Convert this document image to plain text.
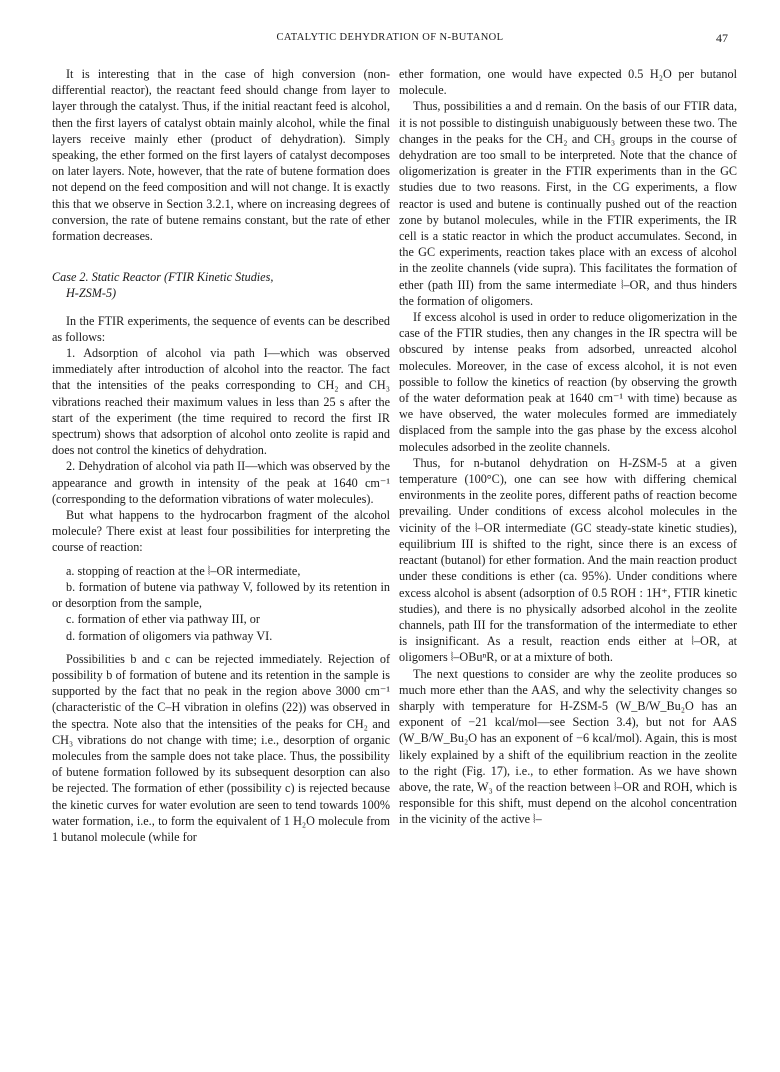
CATALYTIC DEHYDRATION OF N-BUTANOL	47

It is interesting that in the case of high conversion (non-differential reactor), the reactant feed should change from layer to layer through the catalyst. Thus, if the initial reactant feed is alcohol, then the first layers of catalyst obtain mainly alcohol, while the final layers receive mainly ether (product of dehydration). Simply speaking, the ether formed on the first layers of catalyst decomposes on later layers. Note, however, that the rate of butene formation does not depend on the feed composition and will not change. It is exactly this that we observe in Section 3.2.1, where on increasing degrees of conversion, the rate of butene remains constant, but the rate of ether formation decreases.

Case 2. Static Reactor (FTIR Kinetic Studies,
H-ZSM-5)

In the FTIR experiments, the sequence of events can be described as follows:

1. Adsorption of alcohol via path I—which was observed immediately after introduction of alcohol into the reactor. The fact that the intensities of the peaks corresponding to CH₂ and CH₃ vibrations reached their maximum values in less than 25 s after the start of the experiment (the time required to record the first IR spectrum) shows that adsorption of alcohol onto zeolite is rapid and does not control the kinetics of dehydration.

2. Dehydration of alcohol via path II—which was observed by the appearance and growth in intensity of the peak at 1640 cm⁻¹ (corresponding to the deformation vibrations of water molecules).

But what happens to the hydrocarbon fragment of the alcohol molecule? There exist at least four possibilities for interpreting the course of reaction:

a. stopping of reaction at the ⦚–OR intermediate,

b. formation of butene via pathway V, followed by its retention in or desorption from the sample,

c. formation of ether via pathway III, or

d. formation of oligomers via pathway VI.

Possibilities b and c can be rejected immediately. Rejection of possibility b of formation of butene and its retention in the sample is supported by the fact that no peak in the region above 3000 cm⁻¹ (characteristic of the C–H vibration in olefins (22)) was observed in the spectra. Note also that the intensities of the peaks for CH₂ and CH₃ vibrations do not change with time; i.e., desorption of organic molecules from the sample does not take place. Thus, the possibility of butene formation followed by its subsequent desorption can also be rejected. The formation of ether (possibility c) is rejected because the kinetic curves for water evolution are seen to tend towards 100% water formation, i.e., to form the equivalent of 1 H₂O molecule from 1 butanol molecule (while for

ether formation, one would have expected 0.5 H₂O per butanol molecule.

Thus, possibilities a and d remain. On the basis of our FTIR data, it is not possible to distinguish unabiguously between these two. The changes in the peaks for the CH₂ and CH₃ groups in the course of dehydration are too small to be interpreted. Note that the chance of oligomerization is greater in the FTIR experiments than in the GC studies due to two reasons. First, in the CG experiments, a flow reactor is used and butene is continually pushed out of the reaction zone by butanol molecules, while in the FTIR experiments, the IR cell is a static reactor in which the product accumulates. Second, in the GC experiments, reaction takes place with an excess of alcohol in the zeolite channels (vide supra). This facilitates the formation of ether (path III) from the same intermediate ⦚–OR, and thus hinders the formation of oligomers.

If excess alcohol is used in order to reduce oligomerization in the case of the FTIR studies, then any changes in the IR spectra will be obscured by intense peaks from adsorbed, unreacted alcohol molecules. Moreover, in the case of excess alcohol, it is not even possible to follow the kinetics of reaction (by observing the growth of the water deformation peak at 1640 cm⁻¹ with time) because as we have observed, the water molecules formed are immediately displaced from the sample into the gas phase by the excess alcohol molecules adsorbed in the zeolite channels.

Thus, for n-butanol dehydration on H-ZSM-5 at a given temperature (100°C), one can see how with differing chemical environments in the zeolite pores, different paths of reaction become prevailing. Under conditions of excess alcohol molecules in the vicinity of the ⦚–OR intermediate (GC steady-state kinetic studies), equilibrium III is shifted to the right, since there is an excess of reactant (butanol) for ether formation. And the main reaction product under these conditions is ether (ca. 95%). Under conditions where excess alcohol is absent (adsorption of 0.5 ROH : 1H⁺, FTIR kinetic studies), and there is no physically adsorbed alcohol in the zeolite channels, path III for the transformation of the intermediate to ether is insignificant. As a result, reaction ends either at ⦚–OR, at oligomers ⦚–OBuⁿR, or at a mixture of both.

The next questions to consider are why the zeolite produces so much more ether than the AAS, and why the selectivity changes so sharply with temperature for H-ZSM-5 (W_B/W_Bu₂O has an exponent of −21 kcal/mol—see Section 3.4), but not for AAS (W_B/W_Bu₂O has an exponent of −6 kcal/mol). Again, this is most likely explained by a shift of the equilibrium reaction in the zeolite to the right (Fig. 17), i.e., to ether formation. As we have shown above, the rate, W₃ of the reaction between ⦚–OR and ROH, which is responsible for this shift, must depend on the alcohol concentration in the vicinity of the active ⦚–
